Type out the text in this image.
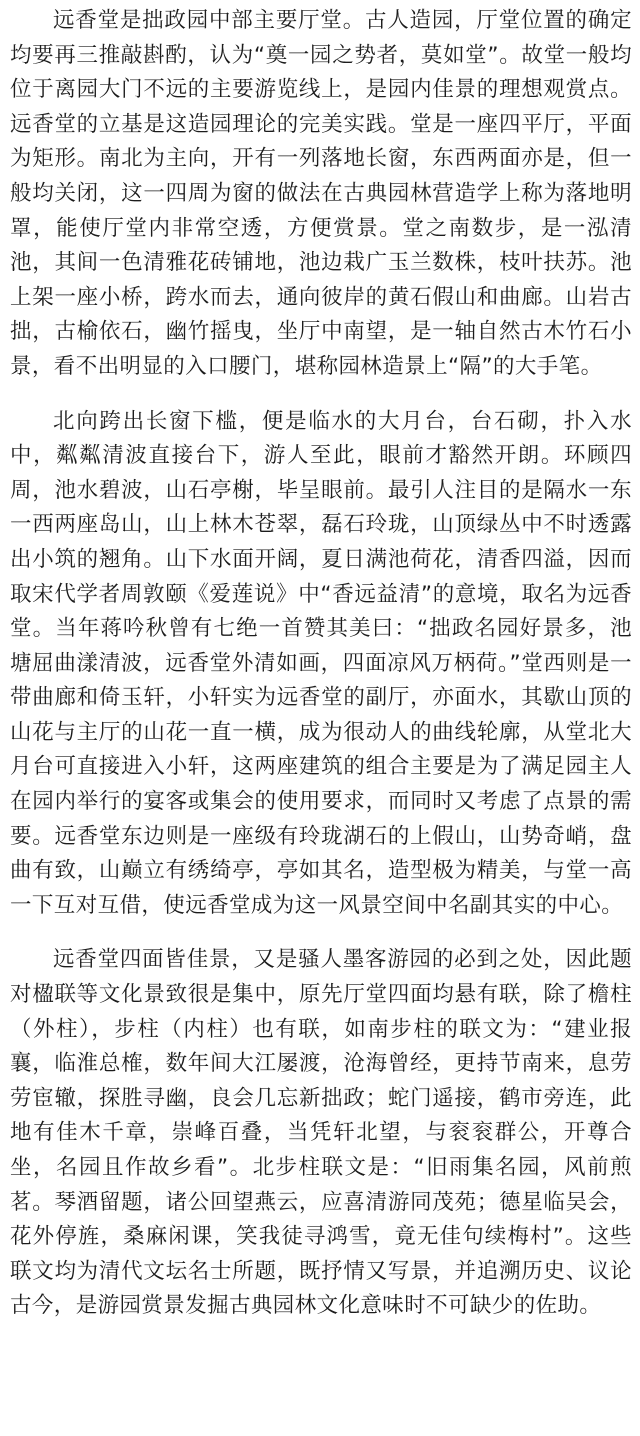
远香堂是拙政园中部主要厅堂。古人造园，厅堂位置的确定均要再三推敲斟酌，认为“奠一园之势者，莫如堂”。故堂一般均位于离园大门不远的主要游览线上，是园内佳景的理想观赏点。远香堂的立基是这造园理论的完美实践。堂是一座四平厅，平面为矩形。南北为主向，开有一列落地长窗，东西两面亦是，但一般均关闭，这一四周为窗的做法在古典园林营造学上称为落地明罩，能使厅堂内非常空透，方便赏景。堂之南数步，是一泓清池，其间一色清雅花砖铺地，池边栽广玉兰数株，枝叶扶苏。池上架一座小桥，跨水而去，通向彼岸的黄石假山和曲廊。山岩古拙，古榆依石，幽竹摇曳，坐厅中南望，是一轴自然古木竹石小景，看不出明显的入口腰门，堪称园林造景上“隔”的大手笔。

北向跨出长窗下槛，便是临水的大月台，台石砌，扑入水中，粼粼清波直接台下，游人至此，眼前才豁然开朗。环顾四周，池水碧波，山石亭榭，毕呈眼前。最引人注目的是隔水一东一西两座岛山，山上林木苍翠，磊石玲珑，山顶绿丛中不时透露出小筑的翘角。山下水面开阔，夏日满池荷花，清香四溢，因而取宋代学者周敦颐《爱莲说》中“香远益清”的意境，取名为远香堂。当年蒋吟秋曾有七绝一首赞其美曰：“拙政名园好景多，池塘屈曲漾清波，远香堂外清如画，四面凉风万柄荷。”堂西则是一带曲廊和倚玉轩，小轩实为远香堂的副厅，亦面水，其歇山顶的山花与主厅的山花一直一横，成为很动人的曲线轮廓，从堂北大月台可直接进入小轩，这两座建筑的组合主要是为了满足园主人在园内举行的宴客或集会的使用要求，而同时又考虑了点景的需要。远香堂东边则是一座级有玲珑湖石的上假山，山势奇峭，盘曲有致，山巅立有绣绮亭，亭如其名，造型极为精美，与堂一高一下互对互借，使远香堂成为这一风景空间中名副其实的中心。

远香堂四面皆佳景，又是骚人墨客游园的必到之处，因此题对楹联等文化景致很是集中，原先厅堂四面均悬有联，除了檐柱（外柱），步柱（内柱）也有联，如南步柱的联文为：“建业报襄，临淮总榷，数年间大江屡渡，沧海曾经，更持节南来，息劳劳宦辙，探胜寻幽，良会几忘新拙政；蛇门遥接，鹤市旁连，此地有佳木千章，崇峰百叠，当凭轩北望，与衮衮群公，开尊合坐，名园且作故乡看”。北步柱联文是：“旧雨集名园，风前煎茗。琴酒留题，诸公回望燕云，应喜清游同茂苑；德星临吴会，花外停旌，桑麻闲课，笑我徒寻鸿雪，竟无佳句续梅村”。这些联文均为清代文坛名士所题，既抒情又写景，并追溯历史、议论古今，是游园赏景发掘古典园林文化意味时不可缺少的佐助。
